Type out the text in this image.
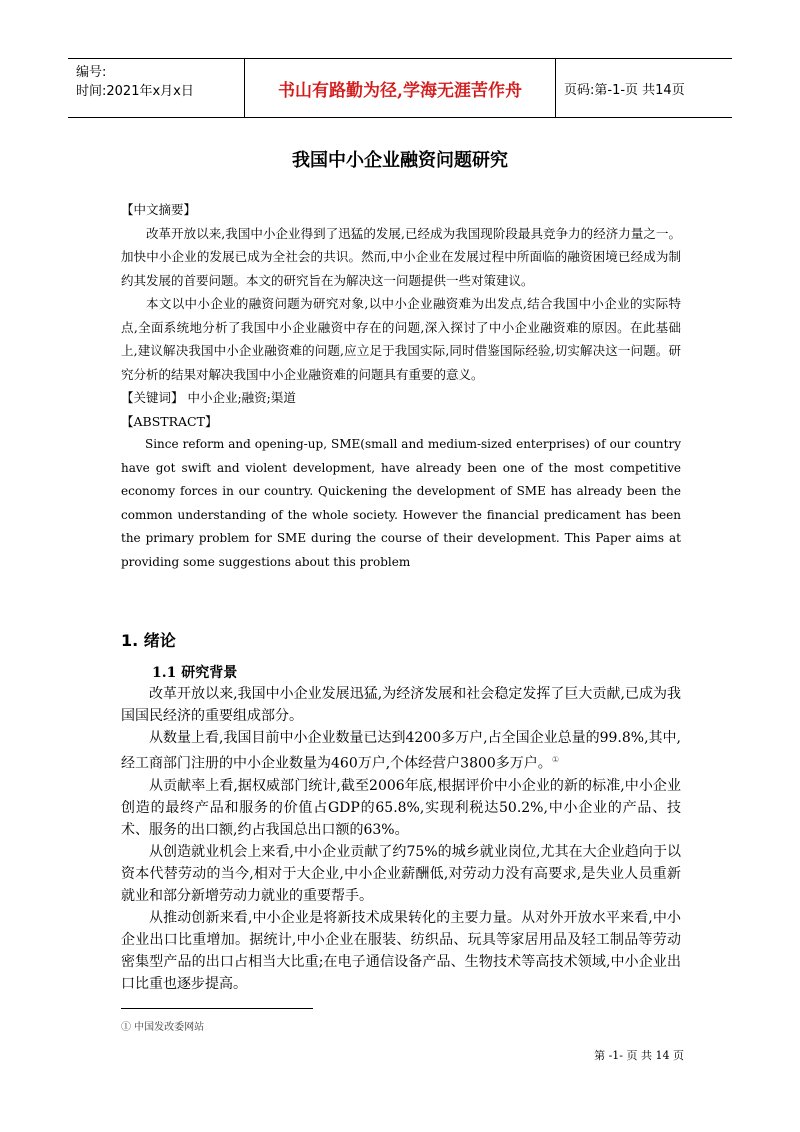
编号:
时间:2021年x月x日	书山有路勤为径,学海无涯苦作舟	页码:第-1-页 共14页
我国中小企业融资问题研究

【中文摘要】

改革开放以来,我国中小企业得到了迅猛的发展,已经成为我国现阶段最具竞争力的经济力量之一。加快中小企业的发展已成为全社会的共识。然而,中小企业在发展过程中所面临的融资困境已经成为制约其发展的首要问题。本文的研究旨在为解决这一问题提供一些对策建议。

本文以中小企业的融资问题为研究对象,以中小企业融资难为出发点,结合我国中小企业的实际特点,全面系统地分析了我国中小企业融资中存在的问题,深入探讨了中小企业融资难的原因。在此基础上,建议解决我国中小企业融资难的问题,应立足于我国实际,同时借鉴国际经验,切实解决这一问题。研究分析的结果对解决我国中小企业融资难的问题具有重要的意义。

【关键词】 中小企业;融资;渠道

【ABSTRACT】

Since reform and opening-up, SME(small and medium-sized enterprises) of our country have got swift and violent development, have already been one of the most competitive economy forces in our country. Quickening the development of SME has already been the common understanding of the whole society. However the financial predicament has been the primary problem for SME during the course of their development. This Paper aims at providing some suggestions about this problem

1. 绪论
1.1 研究背景

改革开放以来,我国中小企业发展迅猛,为经济发展和社会稳定发挥了巨大贡献,已成为我国国民经济的重要组成部分。

从数量上看,我国目前中小企业数量已达到4200多万户,占全国企业总量的99.8%,其中,经工商部门注册的中小企业数量为460万户,个体经营户3800多万户。①

从贡献率上看,据权威部门统计,截至2006年底,根据评价中小企业的新的标准,中小企业创造的最终产品和服务的价值占GDP的65.8%,实现利税达50.2%,中小企业的产品、技术、服务的出口额,约占我国总出口额的63%。

从创造就业机会上来看,中小企业贡献了约75%的城乡就业岗位,尤其在大企业趋向于以资本代替劳动的当今,相对于大企业,中小企业薪酬低,对劳动力没有高要求,是失业人员重新就业和部分新增劳动力就业的重要帮手。

从推动创新来看,中小企业是将新技术成果转化的主要力量。从对外开放水平来看,中小企业出口比重增加。据统计,中小企业在服装、纺织品、玩具等家居用品及轻工制品等劳动密集型产品的出口占相当大比重;在电子通信设备产品、生物技术等高技术领域,中小企业出口比重也逐步提高。

① 中国发改委网站
第 -1- 页 共 14 页
